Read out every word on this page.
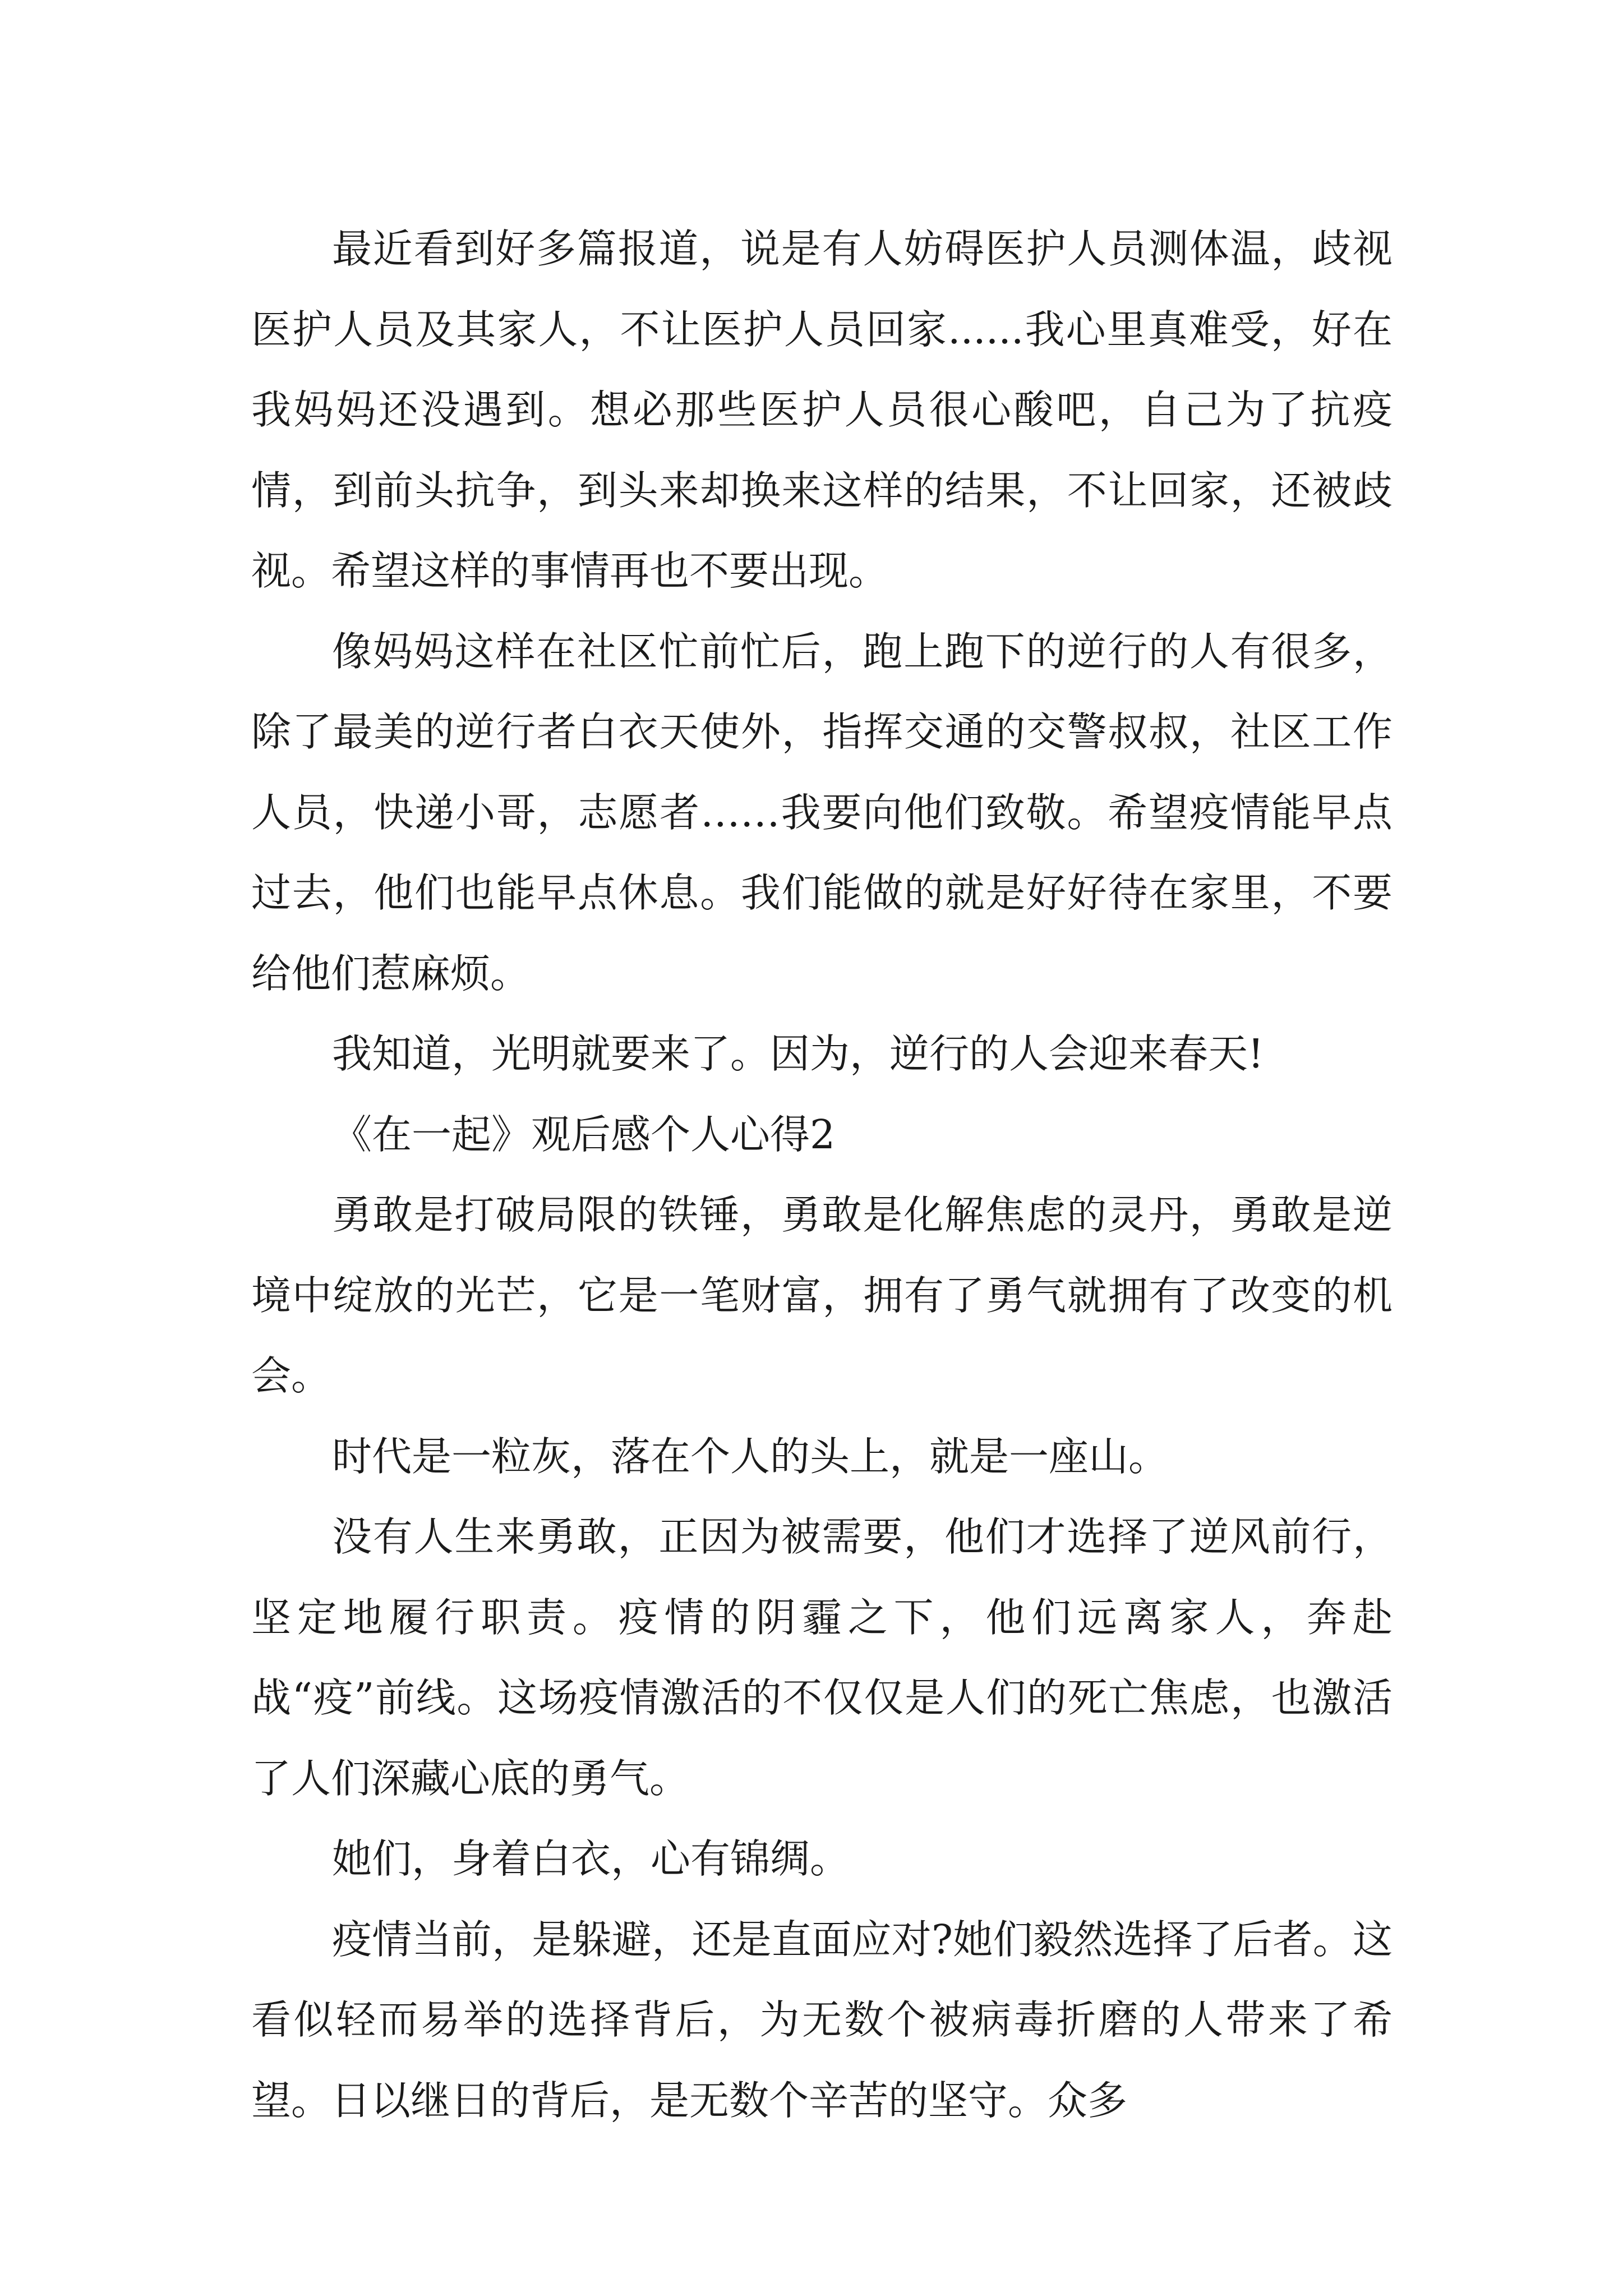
最近看到好多篇报道，说是有人妨碍医护人员测体温，歧视医护人员及其家人，不让医护人员回家......我心里真难受，好在我妈妈还没遇到。想必那些医护人员很心酸吧，自己为了抗疫情，到前头抗争，到头来却换来这样的结果，不让回家，还被歧视。希望这样的事情再也不要出现。

像妈妈这样在社区忙前忙后，跑上跑下的逆行的人有很多，除了最美的逆行者白衣天使外，指挥交通的交警叔叔，社区工作人员，快递小哥，志愿者……我要向他们致敬。希望疫情能早点过去，他们也能早点休息。我们能做的就是好好待在家里，不要给他们惹麻烦。

我知道，光明就要来了。因为，逆行的人会迎来春天!

《在一起》观后感个人心得2

勇敢是打破局限的铁锤，勇敢是化解焦虑的灵丹，勇敢是逆境中绽放的光芒，它是一笔财富，拥有了勇气就拥有了改变的机会。

时代是一粒灰，落在个人的头上，就是一座山。

没有人生来勇敢，正因为被需要，他们才选择了逆风前行，坚定地履行职责。疫情的阴霾之下，他们远离家人，奔赴战“疫”前线。这场疫情激活的不仅仅是人们的死亡焦虑，也激活了人们深藏心底的勇气。

她们，身着白衣，心有锦绸。

疫情当前，是躲避，还是直面应对?她们毅然选择了后者。这看似轻而易举的选择背后，为无数个被病毒折磨的人带来了希望。日以继日的背后，是无数个辛苦的坚守。众多
